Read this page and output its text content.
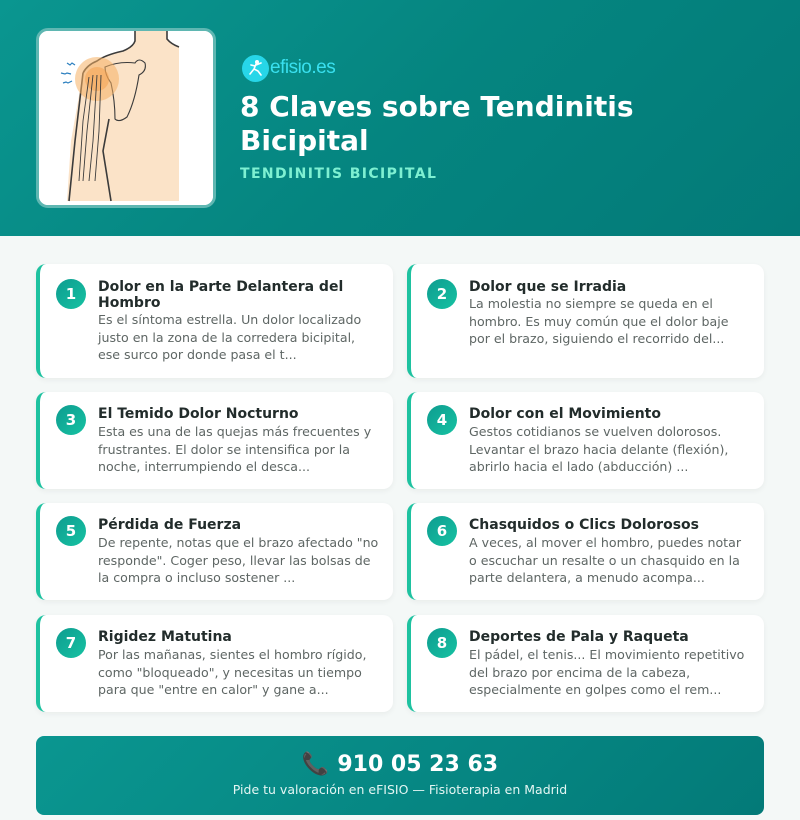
efisio.es
8 Claves sobre Tendinitis Bicipital
TENDINITIS BICIPITAL
1	Dolor en la Parte Delantera del Hombro
Es el síntoma estrella. Un dolor localizado justo en la zona de la corredera bicipital, ese surco por donde pasa el t...
2	Dolor que se Irradia
La molestia no siempre se queda en el hombro. Es muy común que el dolor baje por el brazo, siguiendo el recorrido del...
3	El Temido Dolor Nocturno
Esta es una de las quejas más frecuentes y frustrantes. El dolor se intensifica por la noche, interrumpiendo el desca...
4	Dolor con el Movimiento
Gestos cotidianos se vuelven dolorosos. Levantar el brazo hacia delante (flexión), abrirlo hacia el lado (abducción) ...
5	Pérdida de Fuerza
De repente, notas que el brazo afectado "no responde". Coger peso, llevar las bolsas de la compra o incluso sostener ...
6	Chasquidos o Clics Dolorosos
A veces, al mover el hombro, puedes notar o escuchar un resalte o un chasquido en la parte delantera, a menudo acompa...
7	Rigidez Matutina
Por las mañanas, sientes el hombro rígido, como "bloqueado", y necesitas un tiempo para que "entre en calor" y gane a...
8	Deportes de Pala y Raqueta
El pádel, el tenis... El movimiento repetitivo del brazo por encima de la cabeza, especialmente en golpes como el rem...
📞 910 05 23 63
Pide tu valoración en eFISIO — Fisioterapia en Madrid
